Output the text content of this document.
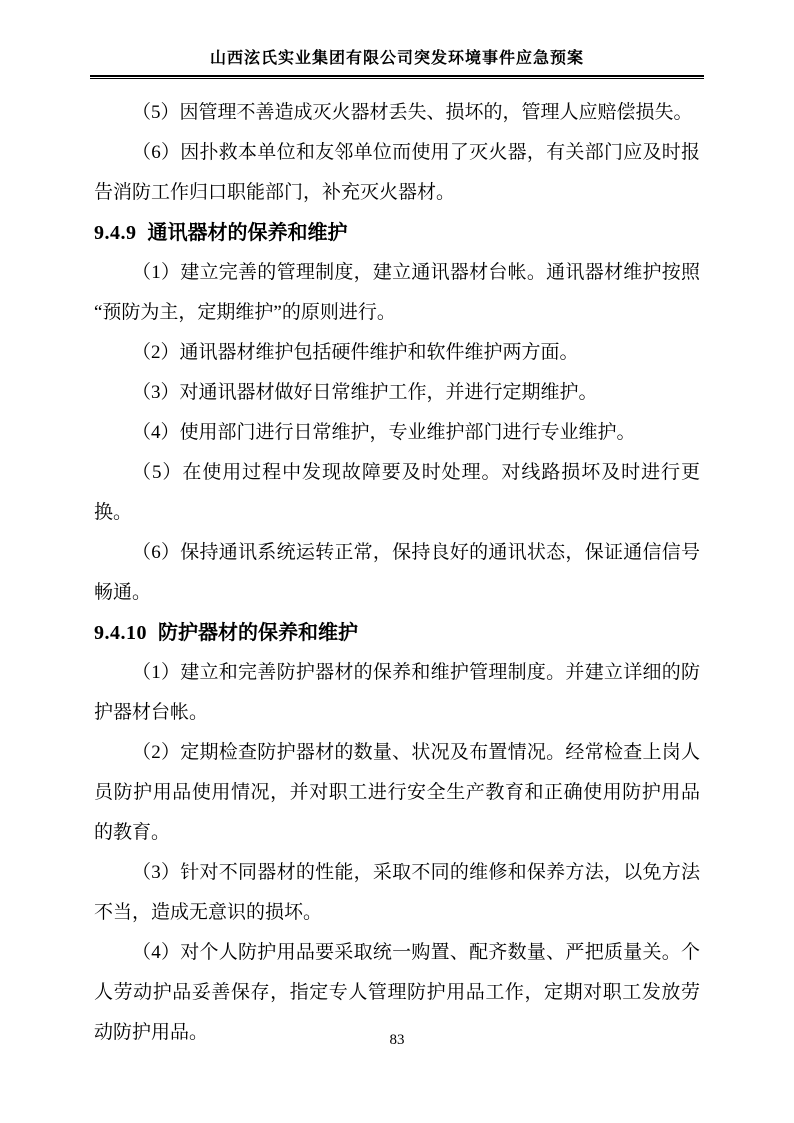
山西泫氏实业集团有限公司突发环境事件应急预案

（5）因管理不善造成灭火器材丢失、损坏的，管理人应赔偿损失。

（6）因扑救本单位和友邻单位而使用了灭火器，有关部门应及时报告消防工作归口职能部门，补充灭火器材。

9.4.9 通讯器材的保养和维护

（1）建立完善的管理制度，建立通讯器材台帐。通讯器材维护按照“预防为主，定期维护”的原则进行。

（2）通讯器材维护包括硬件维护和软件维护两方面。

（3）对通讯器材做好日常维护工作，并进行定期维护。

（4）使用部门进行日常维护，专业维护部门进行专业维护。

（5）在使用过程中发现故障要及时处理。对线路损坏及时进行更换。

（6）保持通讯系统运转正常，保持良好的通讯状态，保证通信信号畅通。

9.4.10 防护器材的保养和维护

（1）建立和完善防护器材的保养和维护管理制度。并建立详细的防护器材台帐。

（2）定期检查防护器材的数量、状况及布置情况。经常检查上岗人员防护用品使用情况，并对职工进行安全生产教育和正确使用防护用品的教育。

（3）针对不同器材的性能，采取不同的维修和保养方法，以免方法不当，造成无意识的损坏。

（4）对个人防护用品要采取统一购置、配齐数量、严把质量关。个人劳动护品妥善保存，指定专人管理防护用品工作，定期对职工发放劳动防护用品。	83
